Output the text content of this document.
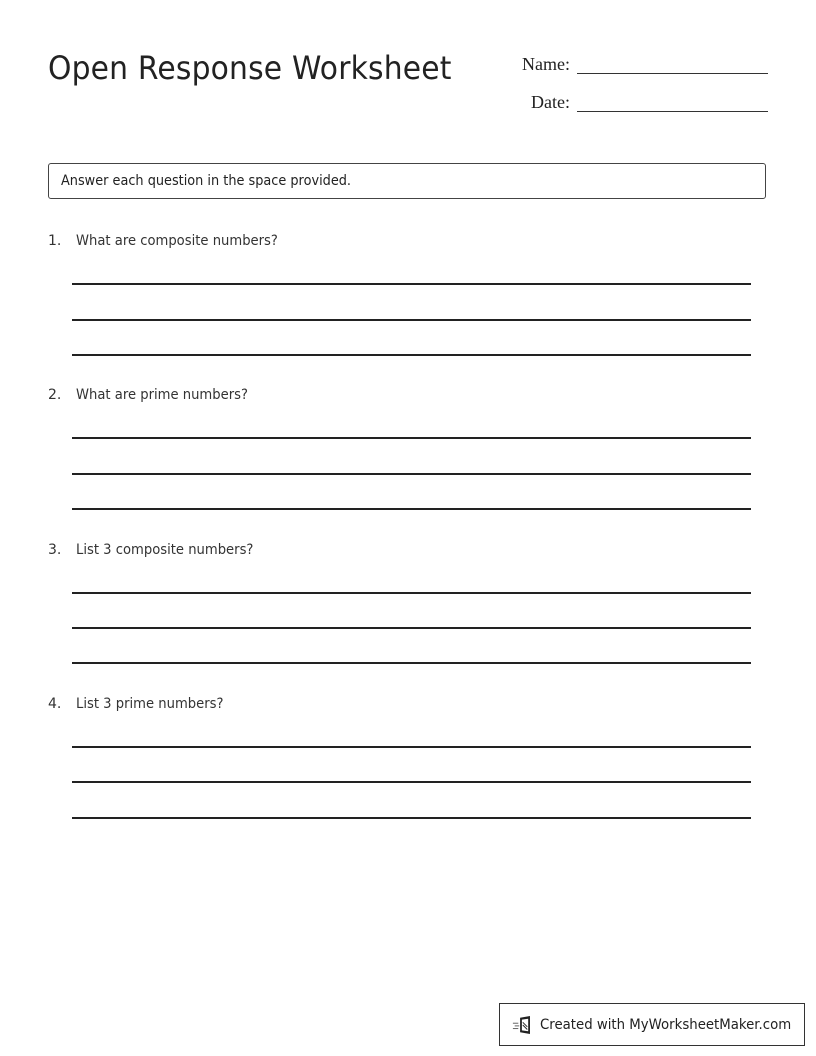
Open Response Worksheet	Name:
Date:
Answer each question in the space provided.
1.	What are composite numbers?
2.	What are prime numbers?
3.	List 3 composite numbers?
4.	List 3 prime numbers?
Created with MyWorksheetMaker.com
